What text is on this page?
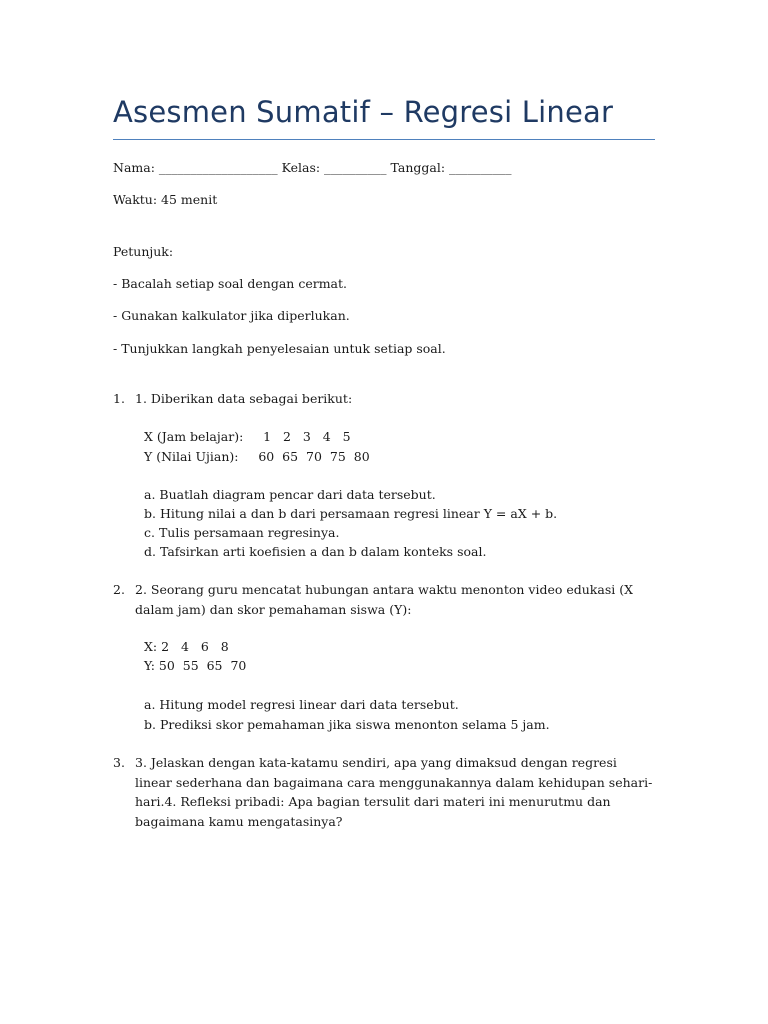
Asesmen Sumatif – Regresi Linear
Nama: ___________________ Kelas: __________ Tanggal: __________
Waktu: 45 menit
Petunjuk:
- Bacalah setiap soal dengan cermat.
- Gunakan kalkulator jika diperlukan.
- Tunjukkan langkah penyelesaian untuk setiap soal.
1. 1. Diberikan data sebagai berikut:
X (Jam belajar):     1   2   3   4   5
Y (Nilai Ujian):     60  65  70  75  80
a. Buatlah diagram pencar dari data tersebut.
b. Hitung nilai a dan b dari persamaan regresi linear Y = aX + b.
c. Tulis persamaan regresinya.
d. Tafsirkan arti koefisien a dan b dalam konteks soal.
2. 2. Seorang guru mencatat hubungan antara waktu menonton video edukasi (X dalam jam) dan skor pemahaman siswa (Y):
X: 2   4   6   8
Y: 50  55  65  70
a. Hitung model regresi linear dari data tersebut.
b. Prediksi skor pemahaman jika siswa menonton selama 5 jam.
3. 3. Jelaskan dengan kata-katamu sendiri, apa yang dimaksud dengan regresi linear sederhana dan bagaimana cara menggunakannya dalam kehidupan sehari-hari.4. Refleksi pribadi: Apa bagian tersulit dari materi ini menurutmu dan bagaimana kamu mengatasinya?
